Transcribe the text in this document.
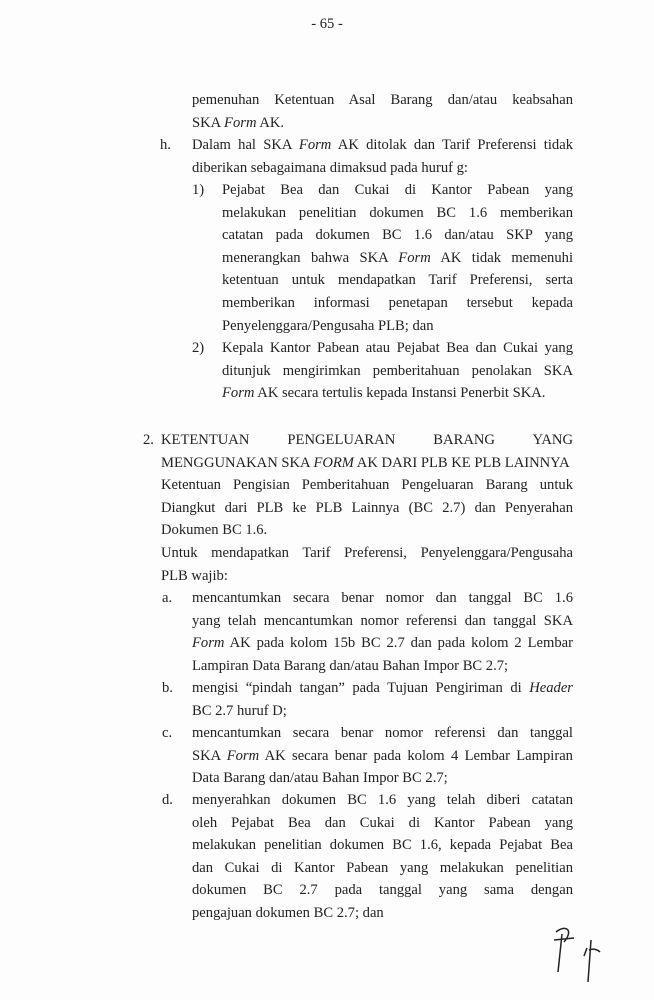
- 65 -
pemenuhan Ketentuan Asal Barang dan/atau keabsahan
SKA Form AK.
h. Dalam hal SKA Form AK ditolak dan Tarif Preferensi tidak
diberikan sebagaimana dimaksud pada huruf g:
1) Pejabat Bea dan Cukai di Kantor Pabean yang
melakukan penelitian dokumen BC 1.6 memberikan
catatan pada dokumen BC 1.6 dan/atau SKP yang
menerangkan bahwa SKA Form AK tidak memenuhi
ketentuan untuk mendapatkan Tarif Preferensi, serta
memberikan informasi penetapan tersebut kepada
Penyelenggara/Pengusaha PLB; dan
2) Kepala Kantor Pabean atau Pejabat Bea dan Cukai yang
ditunjuk mengirimkan pemberitahuan penolakan SKA
Form AK secara tertulis kepada Instansi Penerbit SKA.
2. KETENTUAN PENGELUARAN BARANG YANG
MENGGUNAKAN SKA FORM AK DARI PLB KE PLB LAINNYA
Ketentuan Pengisian Pemberitahuan Pengeluaran Barang untuk
Diangkut dari PLB ke PLB Lainnya (BC 2.7) dan Penyerahan
Dokumen BC 1.6.
Untuk mendapatkan Tarif Preferensi, Penyelenggara/Pengusaha
PLB wajib:
a. mencantumkan secara benar nomor dan tanggal BC 1.6
yang telah mencantumkan nomor referensi dan tanggal SKA
Form AK pada kolom 15b BC 2.7 dan pada kolom 2 Lembar
Lampiran Data Barang dan/atau Bahan Impor BC 2.7;
b. mengisi “pindah tangan” pada Tujuan Pengiriman di Header
BC 2.7 huruf D;
c. mencantumkan secara benar nomor referensi dan tanggal
SKA Form AK secara benar pada kolom 4 Lembar Lampiran
Data Barang dan/atau Bahan Impor BC 2.7;
d. menyerahkan dokumen BC 1.6 yang telah diberi catatan
oleh Pejabat Bea dan Cukai di Kantor Pabean yang
melakukan penelitian dokumen BC 1.6, kepada Pejabat Bea
dan Cukai di Kantor Pabean yang melakukan penelitian
dokumen BC 2.7 pada tanggal yang sama dengan
pengajuan dokumen BC 2.7; dan
